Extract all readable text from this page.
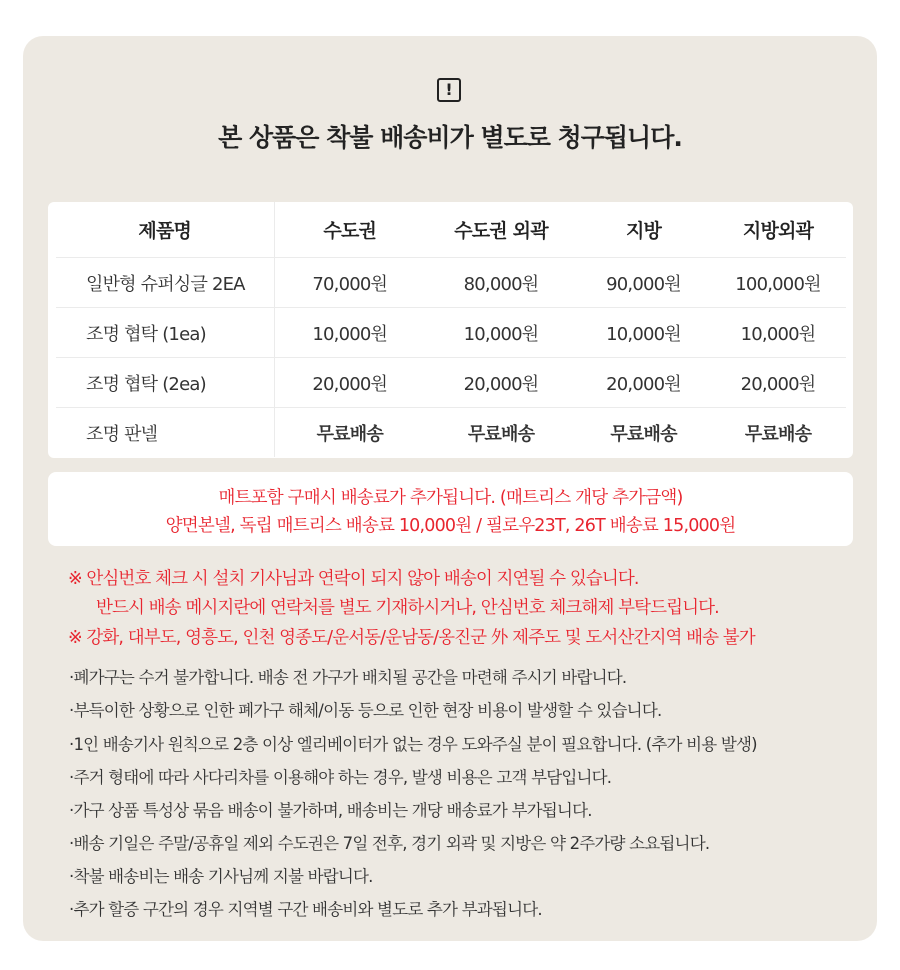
!
본 상품은 착불 배송비가 별도로 청구됩니다.
제품명	수도권	수도권 외곽	지방	지방외곽
일반형 슈퍼싱글 2EA	70,000원	80,000원	90,000원	100,000원
조명 협탁 (1ea)	10,000원	10,000원	10,000원	10,000원
조명 협탁 (2ea)	20,000원	20,000원	20,000원	20,000원
조명 판넬	무료배송	무료배송	무료배송	무료배송
매트포함 구매시 배송료가 추가됩니다. (매트리스 개당 추가금액)
양면본넬, 독립 매트리스 배송료 10,000원 / 필로우23T, 26T 배송료 15,000원
※ 안심번호 체크 시 설치 기사님과 연락이 되지 않아 배송이 지연될 수 있습니다.
반드시 배송 메시지란에 연락처를 별도 기재하시거나, 안심번호 체크해제 부탁드립니다.
※ 강화, 대부도, 영흥도, 인천 영종도/운서동/운남동/옹진군 外 제주도 및 도서산간지역 배송 불가
·폐가구는 수거 불가합니다. 배송 전 가구가 배치될 공간을 마련해 주시기 바랍니다.
·부득이한 상황으로 인한 폐가구 해체/이동 등으로 인한 현장 비용이 발생할 수 있습니다.
·1인 배송기사 원칙으로 2층 이상 엘리베이터가 없는 경우 도와주실 분이 필요합니다. (추가 비용 발생)
·주거 형태에 따라 사다리차를 이용해야 하는 경우, 발생 비용은 고객 부담입니다.
·가구 상품 특성상 묶음 배송이 불가하며, 배송비는 개당 배송료가 부가됩니다.
·배송 기일은 주말/공휴일 제외 수도권은 7일 전후, 경기 외곽 및 지방은 약 2주가량 소요됩니다.
·착불 배송비는 배송 기사님께 지불 바랍니다.
·추가 할증 구간의 경우 지역별 구간 배송비와 별도로 추가 부과됩니다.
